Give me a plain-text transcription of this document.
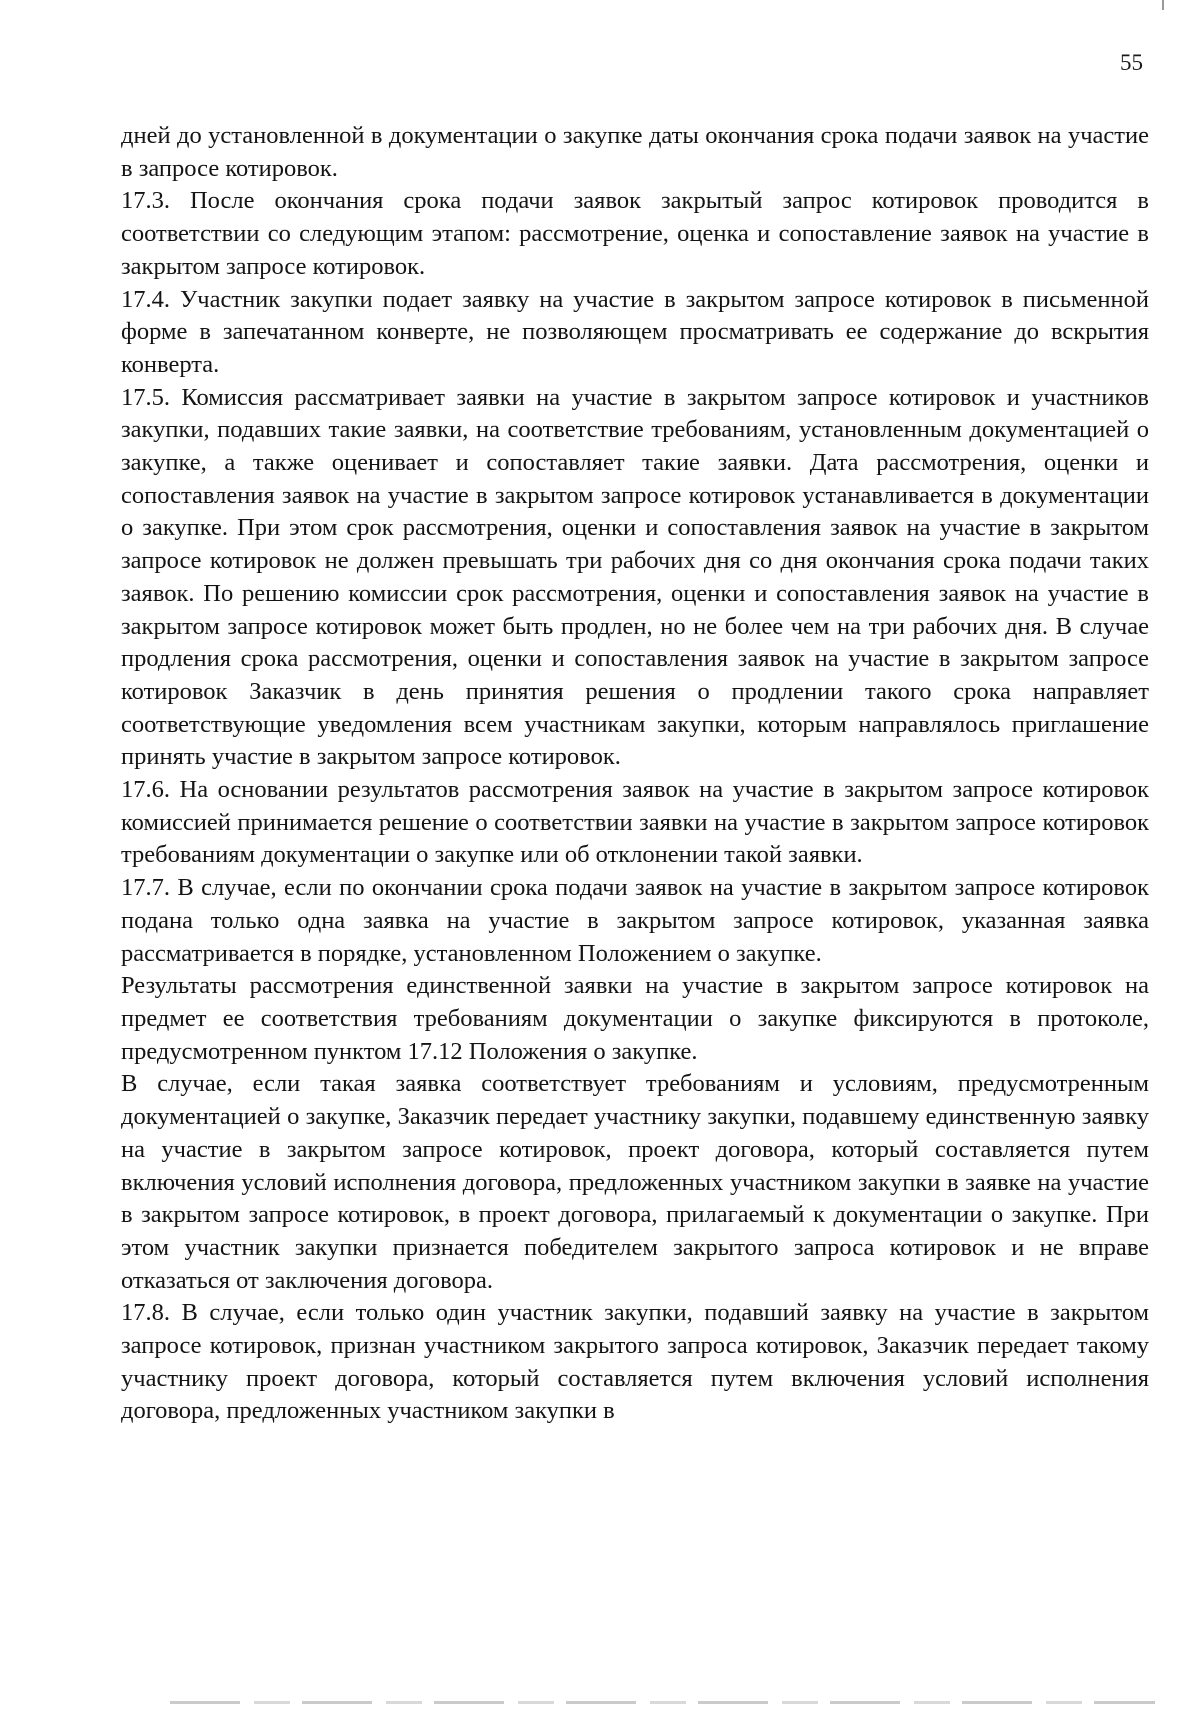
55

дней до установленной в документации о закупке даты окончания срока подачи заявок на участие в запросе котировок.

17.3. После окончания срока подачи заявок закрытый запрос котировок проводится в соответствии со следующим этапом: рассмотрение, оценка и сопоставление заявок на участие в закрытом запросе котировок.

17.4. Участник закупки подает заявку на участие в закрытом запросе котировок в письменной форме в запечатанном конверте, не позволяющем просматривать ее содержание до вскрытия конверта.

17.5. Комиссия рассматривает заявки на участие в закрытом запросе котировок и участников закупки, подавших такие заявки, на соответствие требованиям, установленным документацией о закупке, а также оценивает и сопоставляет такие заявки. Дата рассмотрения, оценки и сопоставления заявок на участие в закрытом запросе котировок устанавливается в документации о закупке. При этом срок рассмотрения, оценки и сопоставления заявок на участие в закрытом запросе котировок не должен превышать три рабочих дня со дня окончания срока подачи таких заявок. По решению комиссии срок рассмотрения, оценки и сопоставления заявок на участие в закрытом запросе котировок может быть продлен, но не более чем на три рабочих дня. В случае продления срока рассмотрения, оценки и сопоставления заявок на участие в закрытом запросе котировок Заказчик в день принятия решения о продлении такого срока направляет соответствующие уведомления всем участникам закупки, которым направлялось приглашение принять участие в закрытом запросе котировок.

17.6. На основании результатов рассмотрения заявок на участие в закрытом запросе котировок комиссией принимается решение о соответствии заявки на участие в закрытом запросе котировок требованиям документации о закупке или об отклонении такой заявки.

17.7. В случае, если по окончании срока подачи заявок на участие в закрытом запросе котировок подана только одна заявка на участие в закрытом запросе котировок, указанная заявка рассматривается в порядке, установленном Положением о закупке.

Результаты рассмотрения единственной заявки на участие в закрытом запросе котировок на предмет ее соответствия требованиям документации о закупке фиксируются в протоколе, предусмотренном пунктом 17.12 Положения о закупке.

В случае, если такая заявка соответствует требованиям и условиям, предусмотренным документацией о закупке, Заказчик передает участнику закупки, подавшему единственную заявку на участие в закрытом запросе котировок, проект договора, который составляется путем включения условий исполнения договора, предложенных участником закупки в заявке на участие в закрытом запросе котировок, в проект договора, прилагаемый к документации о закупке. При этом участник закупки признается победителем закрытого запроса котировок и не вправе отказаться от заключения договора.

17.8. В случае, если только один участник закупки, подавший заявку на участие в закрытом запросе котировок, признан участником закрытого запроса котировок, Заказчик передает такому участнику проект договора, который составляется путем включения условий исполнения договора, предложенных участником закупки в
